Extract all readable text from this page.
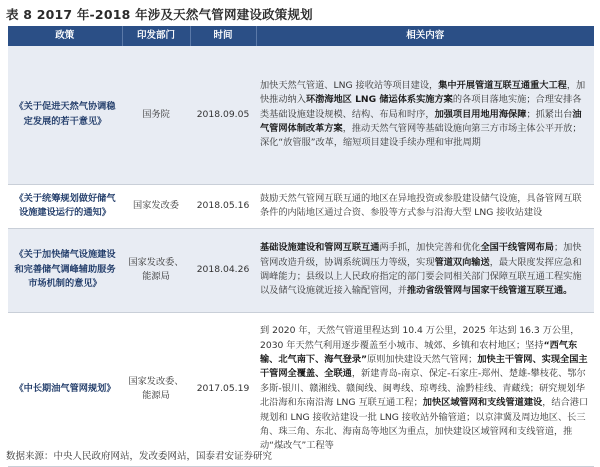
表 8 2017 年-2018 年涉及天然气管网建设政策规划
政策	印发部门	时间	相关内容
《关于促进天然气协调稳定发展的若干意见》	国务院	2018.09.05	加快天然气管道、LNG 接收站等项目建设，集中开展管道互联互通重大工程，加快推动纳入环渤海地区 LNG 储运体系实施方案的各项目落地实施；合理安排各类基础设施建设规模、结构、布局和时序，加强项目用地用海保障；抓紧出台油气管网体制改革方案，推动天然气管网等基础设施向第三方市场主体公平开放；深化“放管服”改革，缩短项目建设手续办理和审批周期
《关于统筹规划做好储气设施建设运行的通知》	国家发改委	2018.05.16	鼓励天然气管网互联互通的地区在异地投资或参股建设储气设施，具备管网互联条件的内陆地区通过合资、参股等方式参与沿海大型 LNG 接收站建设
《关于加快储气设施建设和完善储气调峰辅助服务市场机制的意见》	国家发改委、能源局	2018.04.26	基础设施建设和管网互联互通两手抓，加快完善和优化全国干线管网布局；加快管网改造升级，协调系统调压力等级，实现管道双向输送，最大限度发挥应急和调峰能力；县级以上人民政府指定的部门要会同相关部门保障互联互通工程实施以及储气设施就近接入输配管网，并推动省级管网与国家干线管道互联互通。
《中长期油气管网规划》	国家发改委、能源局	2017.05.19	到 2020 年，天然气管道里程达到 10.4 万公里，2025 年达到 16.3 万公里，2030 年天然气利用逐步覆盖至小城市、城郊、乡镇和农村地区；坚持“西气东输、北气南下、海气登录”原则加快建设天然气管网；加快主干管网、实现全国主干管网全覆盖、全联通，新建青岛-南京、保定-石家庄-郑州、楚雄-攀枝花、鄂尔多斯-银川、赣湘线、赣闽线、闽粤线、琼粤线、渝黔桂线、青藏线；研究规划华北沿海和东南沿海 LNG 互联互通工程；加快区域管网和支线管道建设，结合港口规划和 LNG 接收站建设一批 LNG 接收站外输管道；以京津冀及周边地区、长三角、珠三角、东北、海南岛等地区为重点，加快建设区域管网和支线管道，推动“煤改气”工程等
数据来源：中央人民政府网站，发改委网站，国泰君安证券研究
